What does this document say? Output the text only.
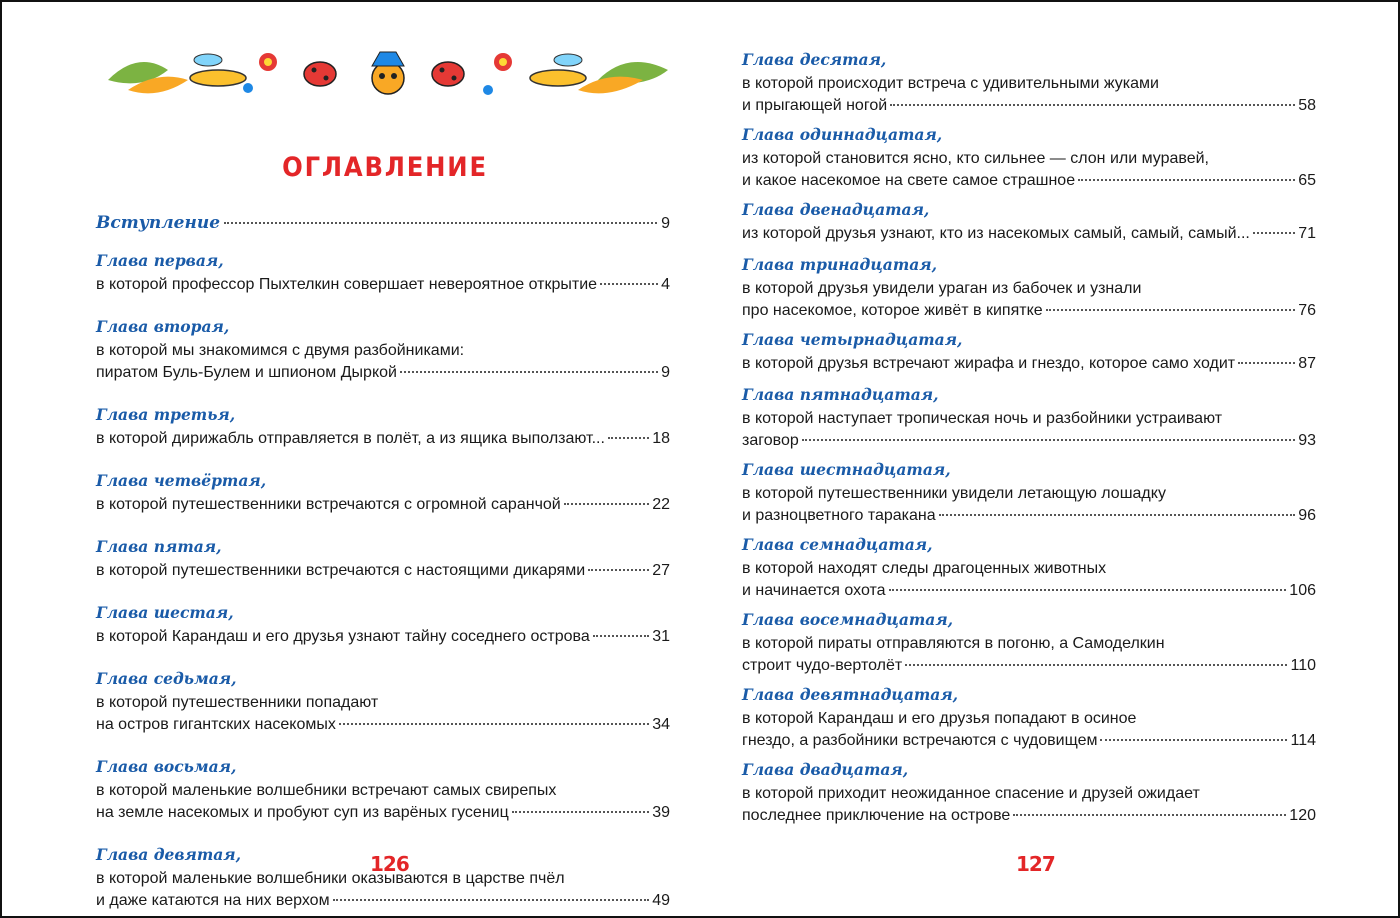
ОГЛАВЛЕНИЕ
Вступление	9
Глава первая,
в которой профессор Пыхтелкин совершает невероятное открытие	4
Глава вторая,
в которой мы знакомимся с двумя разбойниками:
пиратом Буль-Булем и шпионом Дыркой	9
Глава третья,
в которой дирижабль отправляется в полёт, а из ящика выползают...	18
Глава четвёртая,
в которой путешественники встречаются с огромной саранчой	22
Глава пятая,
в которой путешественники встречаются с настоящими дикарями	27
Глава шестая,
в которой Карандаш и его друзья узнают тайну соседнего острова	31
Глава седьмая,
в которой путешественники попадают
на остров гигантских насекомых	34
Глава восьмая,
в которой маленькие волшебники встречают самых свирепых
на земле насекомых и пробуют суп из варёных гусениц	39
Глава девятая,
в которой маленькие волшебники оказываются в царстве пчёл
и даже катаются на них верхом	49
Глава десятая,
в которой происходит встреча с удивительными жуками
и прыгающей ногой	58
Глава одиннадцатая,
из которой становится ясно, кто сильнее — слон или муравей,
и какое насекомое на свете самое страшное	65
Глава двенадцатая,
из которой друзья узнают, кто из насекомых самый, самый, самый...	71
Глава тринадцатая,
в которой друзья увидели ураган из бабочек и узнали
про насекомое, которое живёт в кипятке	76
Глава четырнадцатая,
в которой друзья встречают жирафа и гнездо, которое само ходит	87
Глава пятнадцатая,
в которой наступает тропическая ночь и разбойники устраивают
заговор	93
Глава шестнадцатая,
в которой путешественники увидели летающую лошадку
и разноцветного таракана	96
Глава семнадцатая,
в которой находят следы драгоценных животных
и начинается охота	106
Глава восемнадцатая,
в которой пираты отправляются в погоню, а Самоделкин
строит чудо-вертолёт	110
Глава девятнадцатая,
в которой Карандаш и его друзья попадают в осиное
гнездо, а разбойники встречаются с чудовищем	114
Глава двадцатая,
в которой приходит неожиданное спасение и друзей ожидает
последнее приключение на острове	120
126	127
